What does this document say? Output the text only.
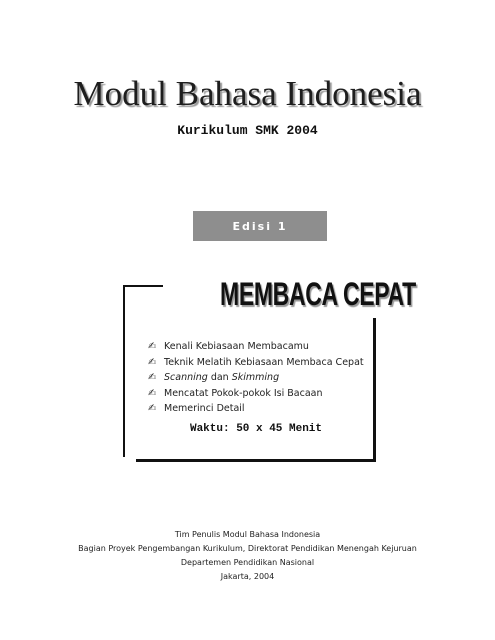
Modul Bahasa Indonesia
Kurikulum SMK 2004
Edisi 1
MEMBACA CEPAT
✍ Kenali Kebiasaan Membacamu
✍ Teknik Melatih Kebiasaan Membaca Cepat
✍ Scanning dan Skimming
✍ Mencatat Pokok-pokok Isi Bacaan
✍ Memerinci Detail
Waktu: 50 x 45 Menit
Tim Penulis Modul Bahasa Indonesia
Bagian Proyek Pengembangan Kurikulum, Direktorat Pendidikan Menengah Kejuruan
Departemen Pendidikan Nasional
Jakarta, 2004
